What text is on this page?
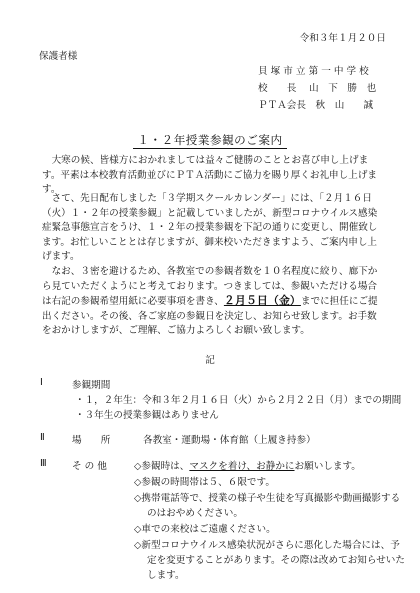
令和３年１月２０日
保護者様
貝 塚 市 立 第 一 中 学 校
校　　長　 山　下　勝　也
ＰＴＡ会長　秋　山　　誠
１・２年授業参観のご案内
大寒の候、皆様方におかれましては益々ご健勝のこととお喜び申し上げます。平素は本校教育活動並びにＰＴＡ活動にご協力を賜り厚くお礼申し上げます。
さて、先日配布しました「３学期スクールカレンダー」には、「２月１６日（火）１・２年の授業参観」と記載していましたが、新型コロナウイルス感染症緊急事態宣言をうけ、１・２年の授業参観を下記の通りに変更し、開催致します。お忙しいこととは存じますが、御来校いただきますよう、ご案内申し上げます。
なお、３密を避けるため、各教室での参観者数を１０名程度に絞り、廊下から見ていただくようにと考えております。つきましては、参観いただける場合は右記の参観希望用紙に必要事項を書き、２月５日（金）までに担任にご提出ください。その後、各ご家庭の参観日を決定し、お知らせ致します。お手数をおかけしますが、ご理解、ご協力よろしくお願い致します。
記
Ⅰ	参観期間
・１，２年生：令和３年２月１６日（火）から２月２２日（月）までの期間
・３年生の授業参観はありません
Ⅱ	場　　所	各教室・運動場・体育館（上履き持参）
Ⅲ	そ の 他	◇参観時は、マスクを着け、お静かにお願いします。
◇参観の時間帯は５、６限です。
◇携帯電話等で、授業の様子や生徒を写真撮影や動画撮影する
のはおやめください。
◇車での来校はご遠慮ください。
◇新型コロナウイルス感染状況がさらに悪化した場合には、予
定を変更することがあります。その際は改めてお知らせいた
します。
